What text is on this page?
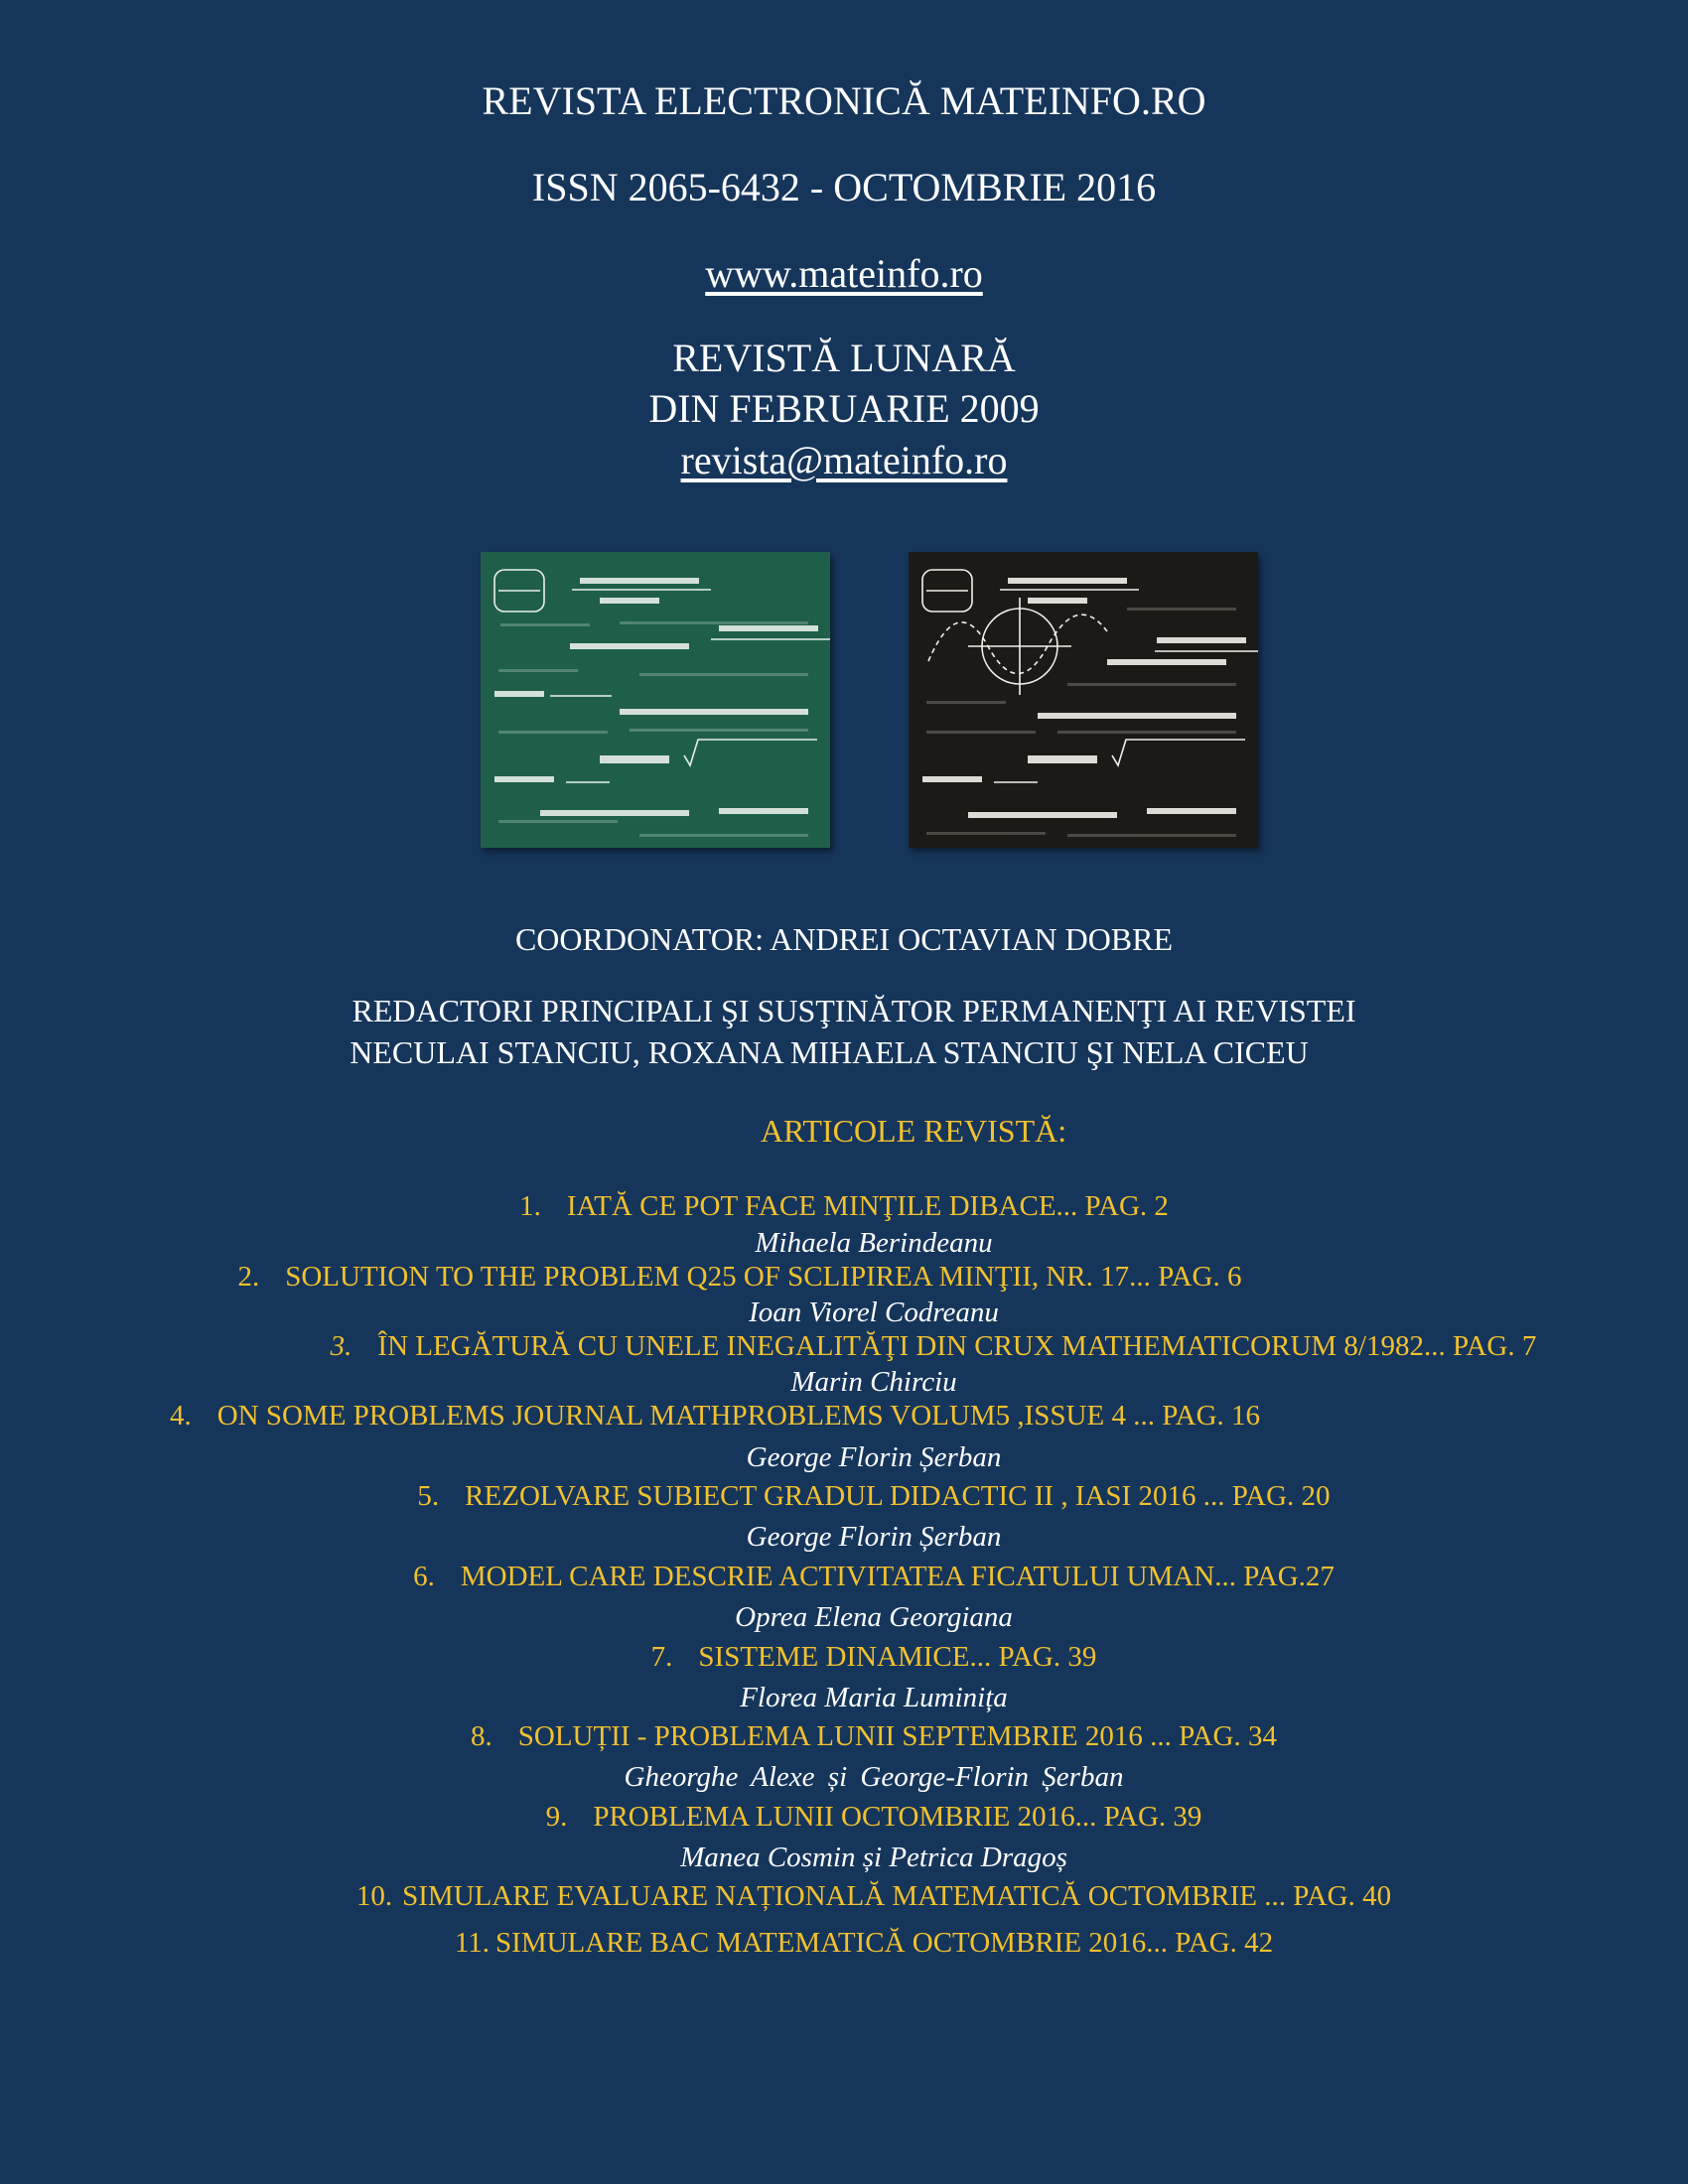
REVISTA ELECTRONICĂ MATEINFO.RO
ISSN 2065-6432 - OCTOMBRIE 2016
www.mateinfo.ro
REVISTĂ LUNARĂ
DIN FEBRUARIE 2009
revista@mateinfo.ro
COORDONATOR: ANDREI OCTAVIAN DOBRE
REDACTORI PRINCIPALI ŞI SUSŢINĂTOR PERMANENŢI AI REVISTEI
NECULAI STANCIU, ROXANA MIHAELA STANCIU ŞI NELA CICEU
ARTICOLE REVISTĂ:
1. IATĂ CE POT FACE MINŢILE DIBACE... PAG. 2
Mihaela Berindeanu
2. SOLUTION TO THE PROBLEM Q25 OF SCLIPIREA MINŢII, NR. 17... PAG. 6
Ioan Viorel Codreanu
3. ÎN LEGĂTURĂ CU UNELE INEGALITĂŢI DIN CRUX MATHEMATICORUM 8/1982... PAG. 7
Marin Chirciu
4. ON SOME PROBLEMS JOURNAL MATHPROBLEMS VOLUM5 ,ISSUE 4 ... PAG. 16
George Florin Șerban
5. REZOLVARE SUBIECT GRADUL DIDACTIC II , IASI 2016 ... PAG. 20
George Florin Șerban
6. MODEL CARE DESCRIE ACTIVITATEA FICATULUI UMAN... PAG.27
Oprea Elena Georgiana
7. SISTEME DINAMICE... PAG. 39
Florea Maria Luminița
8. SOLUȚII - PROBLEMA LUNII SEPTEMBRIE 2016 ... PAG. 34
Gheorghe Alexe și George-Florin Șerban
9. PROBLEMA LUNII OCTOMBRIE 2016... PAG. 39
Manea Cosmin și Petrica Dragoș
10. SIMULARE EVALUARE NAȚIONALĂ MATEMATICĂ OCTOMBRIE ... PAG. 40
11. SIMULARE BAC MATEMATICĂ OCTOMBRIE 2016... PAG. 42
